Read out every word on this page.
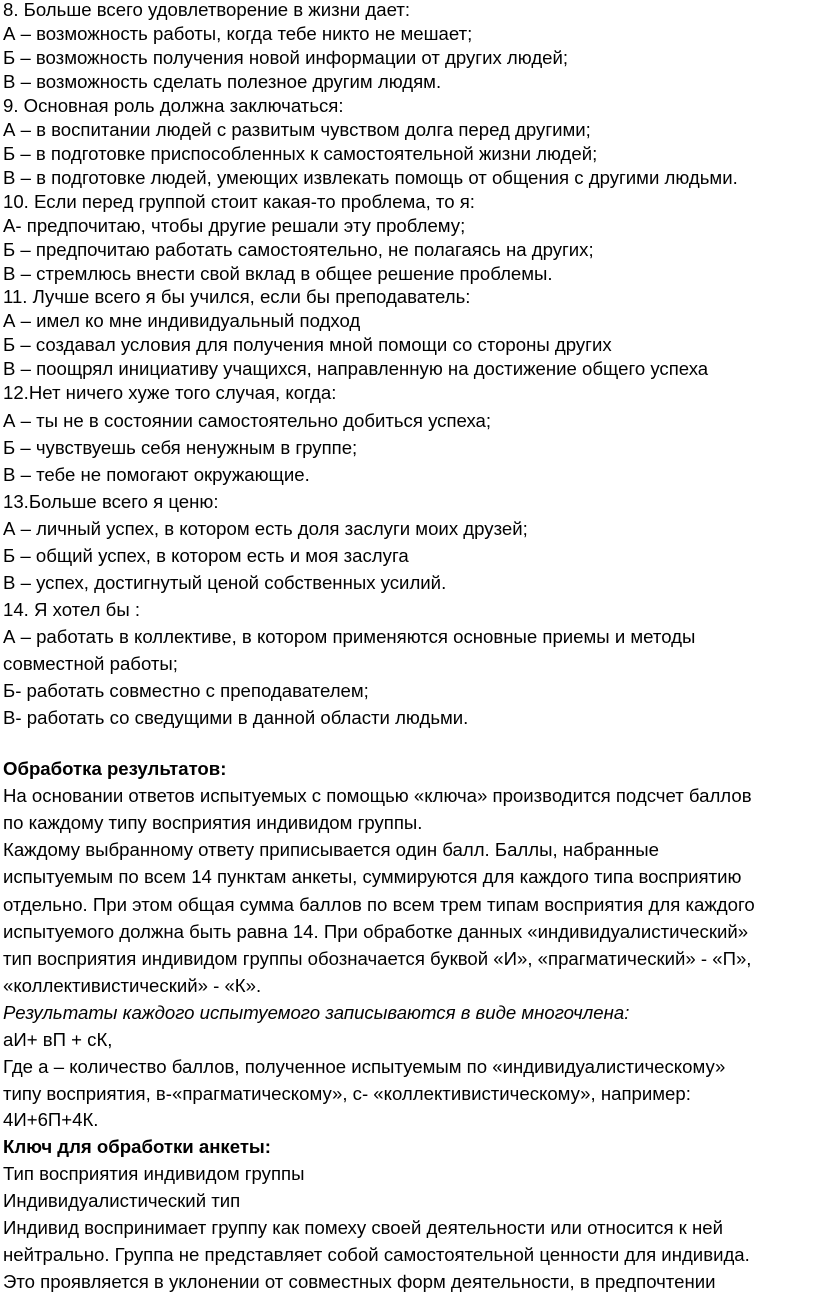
8. Больше всего удовлетворение в жизни дает:

А – возможность работы, когда тебе никто не мешает;

Б – возможность получения новой информации от других людей;

В – возможность сделать полезное другим людям.

9. Основная роль должна заключаться:

А – в воспитании людей с развитым чувством долга перед другими;

Б – в подготовке приспособленных к самостоятельной жизни людей;

В – в подготовке людей, умеющих извлекать помощь от общения с другими людьми.

10. Если перед группой стоит какая-то проблема, то я:

А- предпочитаю, чтобы другие решали эту проблему;

Б – предпочитаю работать самостоятельно, не полагаясь на других;

В – стремлюсь внести свой вклад в общее решение проблемы.

11. Лучше всего я бы учился, если бы преподаватель:

А – имел ко мне индивидуальный подход

Б – создавал условия для получения мной помощи со стороны других

В – поощрял инициативу учащихся, направленную на достижение общего успеха

12.Нет ничего хуже того случая, когда:

А – ты не в состоянии самостоятельно добиться успеха;

Б – чувствуешь себя ненужным в группе;

В – тебе не помогают окружающие.

13.Больше всего я ценю:

А – личный успех, в котором есть доля заслуги моих друзей;

Б – общий успех, в котором есть и моя заслуга

В – успех, достигнутый ценой собственных усилий.

14. Я хотел бы :

А – работать в коллективе, в котором применяются основные приемы и методы

совместной работы;

Б- работать совместно с преподавателем;

В- работать со сведущими в данной области людьми.

Обработка результатов:

На основании ответов испытуемых с помощью «ключа» производится подсчет баллов

по каждому типу восприятия индивидом группы.

Каждому выбранному ответу приписывается один балл. Баллы, набранные

испытуемым по всем 14 пунктам анкеты, суммируются для каждого типа восприятию

отдельно. При этом общая сумма баллов по всем трем типам восприятия для каждого

испытуемого должна быть равна 14. При обработке данных «индивидуалистический»

тип восприятия индивидом группы обозначается буквой «И», «прагматический» - «П»,

«коллективистический» - «К».

Результаты каждого испытуемого записываются в виде многочлена:

аИ+ вП + сК,

Где а – количество баллов, полученное испытуемым по «индивидуалистическому»

типу восприятия, в-«прагматическому», с- «коллективистическому», например:

4И+6П+4К.

Ключ для обработки анкеты:

Тип восприятия индивидом группы

Индивидуалистический тип

Индивид воспринимает группу как помеху своей деятельности или относится к ней

нейтрально. Группа не представляет собой самостоятельной ценности для индивида.

Это проявляется в уклонении от совместных форм деятельности, в предпочтении
